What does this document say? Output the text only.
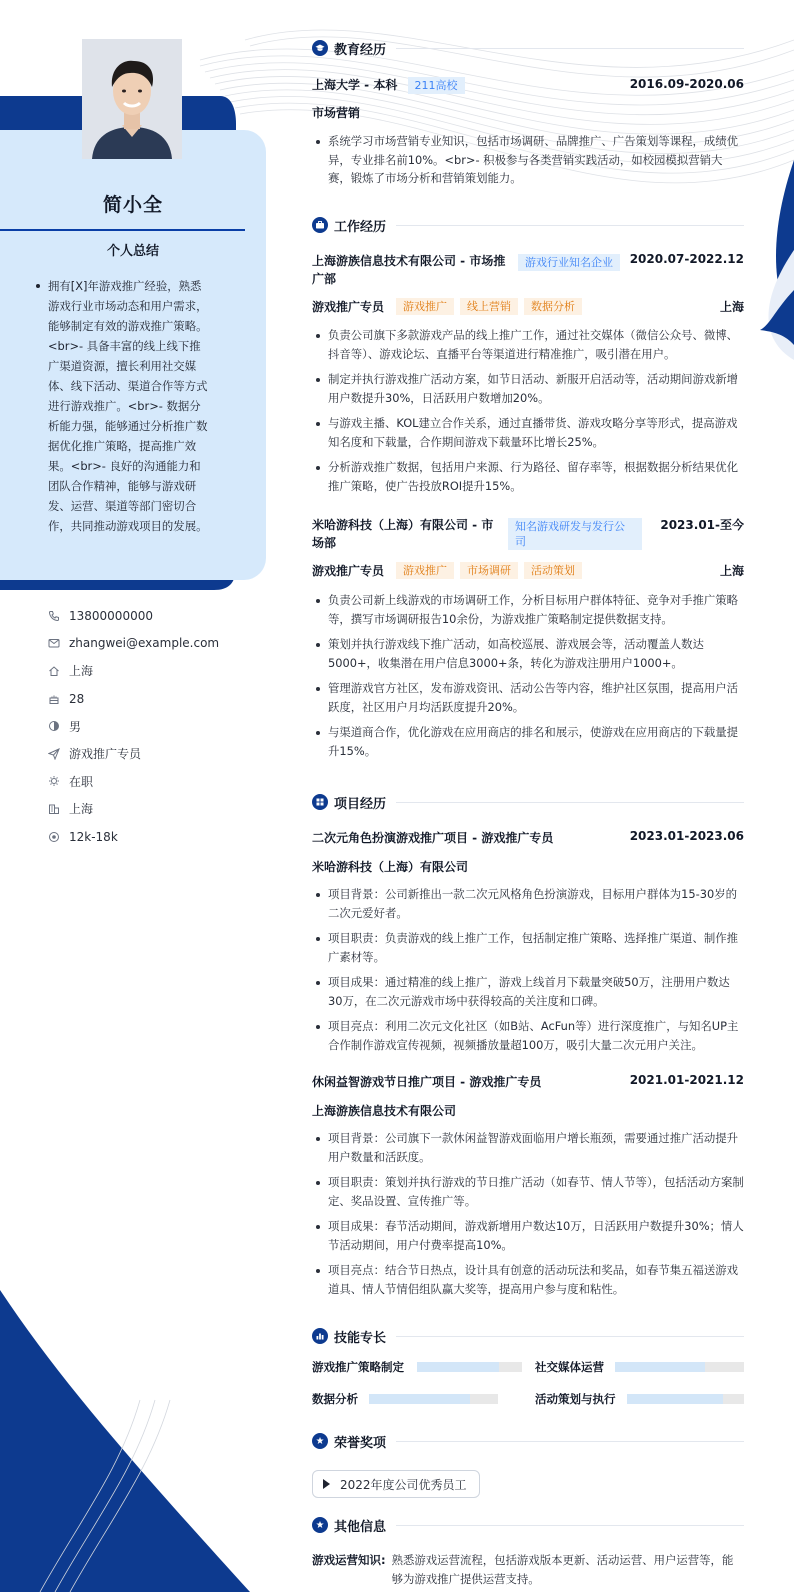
简小全
个人总结
拥有[X]年游戏推广经验，熟悉游戏行业市场动态和用户需求，能够制定有效的游戏推广策略。<br>- 具备丰富的线上线下推广渠道资源，擅长利用社交媒体、线下活动、渠道合作等方式进行游戏推广。<br>- 数据分析能力强，能够通过分析推广数据优化推广策略，提高推广效果。<br>- 良好的沟通能力和团队合作精神，能够与游戏研发、运营、渠道等部门密切合作，共同推动游戏项目的发展。
13800000000
zhangwei@example.com
上海
28
男
游戏推广专员
在职
上海
12k-18k
教育经历
上海大学 - 本科 211高校	2016.09-2020.06
市场营销
系统学习市场营销专业知识，包括市场调研、品牌推广、广告策划等课程，成绩优异，专业排名前10%。<br>- 积极参与各类营销实践活动，如校园模拟营销大赛，锻炼了市场分析和营销策划能力。
工作经历
上海游族信息技术有限公司 - 市场推广部
游戏行业知名企业	2020.07-2022.12
游戏推广专员	游戏推广	线上营销	数据分析	上海
负责公司旗下多款游戏产品的线上推广工作，通过社交媒体（微信公众号、微博、抖音等）、游戏论坛、直播平台等渠道进行精准推广，吸引潜在用户。
制定并执行游戏推广活动方案，如节日活动、新服开启活动等，活动期间游戏新增用户数提升30%，日活跃用户数增加20%。
与游戏主播、KOL建立合作关系，通过直播带货、游戏攻略分享等形式，提高游戏知名度和下载量，合作期间游戏下载量环比增长25%。
分析游戏推广数据，包括用户来源、行为路径、留存率等，根据数据分析结果优化推广策略，使广告投放ROI提升15%。
米哈游科技（上海）有限公司 - 市场部
知名游戏研发与发行公司
2023.01-至今
游戏推广专员	游戏推广	市场调研	活动策划	上海
负责公司新上线游戏的市场调研工作，分析目标用户群体特征、竞争对手推广策略等，撰写市场调研报告10余份，为游戏推广策略制定提供数据支持。
策划并执行游戏线下推广活动，如高校巡展、游戏展会等，活动覆盖人数达5000+，收集潜在用户信息3000+条，转化为游戏注册用户1000+。
管理游戏官方社区，发布游戏资讯、活动公告等内容，维护社区氛围，提高用户活跃度，社区用户月均活跃度提升20%。
与渠道商合作，优化游戏在应用商店的排名和展示，使游戏在应用商店的下载量提升15%。
项目经历
二次元角色扮演游戏推广项目 - 游戏推广专员	2023.01-2023.06
米哈游科技（上海）有限公司
项目背景：公司新推出一款二次元风格角色扮演游戏，目标用户群体为15-30岁的二次元爱好者。
项目职责：负责游戏的线上推广工作，包括制定推广策略、选择推广渠道、制作推广素材等。
项目成果：通过精准的线上推广，游戏上线首月下载量突破50万，注册用户数达30万，在二次元游戏市场中获得较高的关注度和口碑。
项目亮点：利用二次元文化社区（如B站、AcFun等）进行深度推广，与知名UP主合作制作游戏宣传视频，视频播放量超100万，吸引大量二次元用户关注。
休闲益智游戏节日推广项目 - 游戏推广专员	2021.01-2021.12
上海游族信息技术有限公司
项目背景：公司旗下一款休闲益智游戏面临用户增长瓶颈，需要通过推广活动提升用户数量和活跃度。
项目职责：策划并执行游戏的节日推广活动（如春节、情人节等），包括活动方案制定、奖品设置、宣传推广等。
项目成果：春节活动期间，游戏新增用户数达10万，日活跃用户数提升30%；情人节活动期间，用户付费率提高10%。
项目亮点：结合节日热点，设计具有创意的活动玩法和奖品，如春节集五福送游戏道具、情人节情侣组队赢大奖等，提高用户参与度和粘性。
技能专长
游戏推广策略制定	社交媒体运营
数据分析	活动策划与执行
荣誉奖项
2022年度公司优秀员工
其他信息
游戏运营知识: 熟悉游戏运营流程，包括游戏版本更新、活动运营、用户运营等，能够为游戏推广提供运营支持。
